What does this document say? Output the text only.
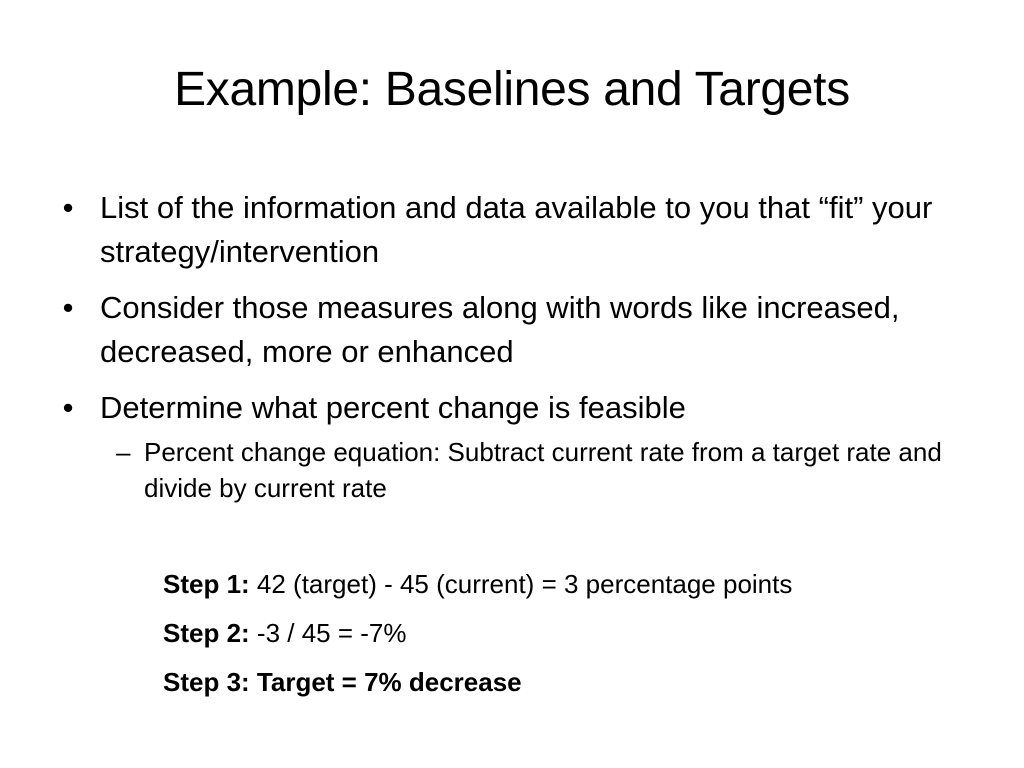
Example: Baselines and Targets
• List of the information and data available to you that “fit” your strategy/intervention
• Consider those measures along with words like increased, decreased, more or enhanced
• Determine what percent change is feasible
– Percent change equation: Subtract current rate from a target rate and divide by current rate
Step 1: 42 (target) - 45 (current) = 3 percentage points
Step 2: -3 / 45 = -7%
Step 3: Target = 7% decrease
